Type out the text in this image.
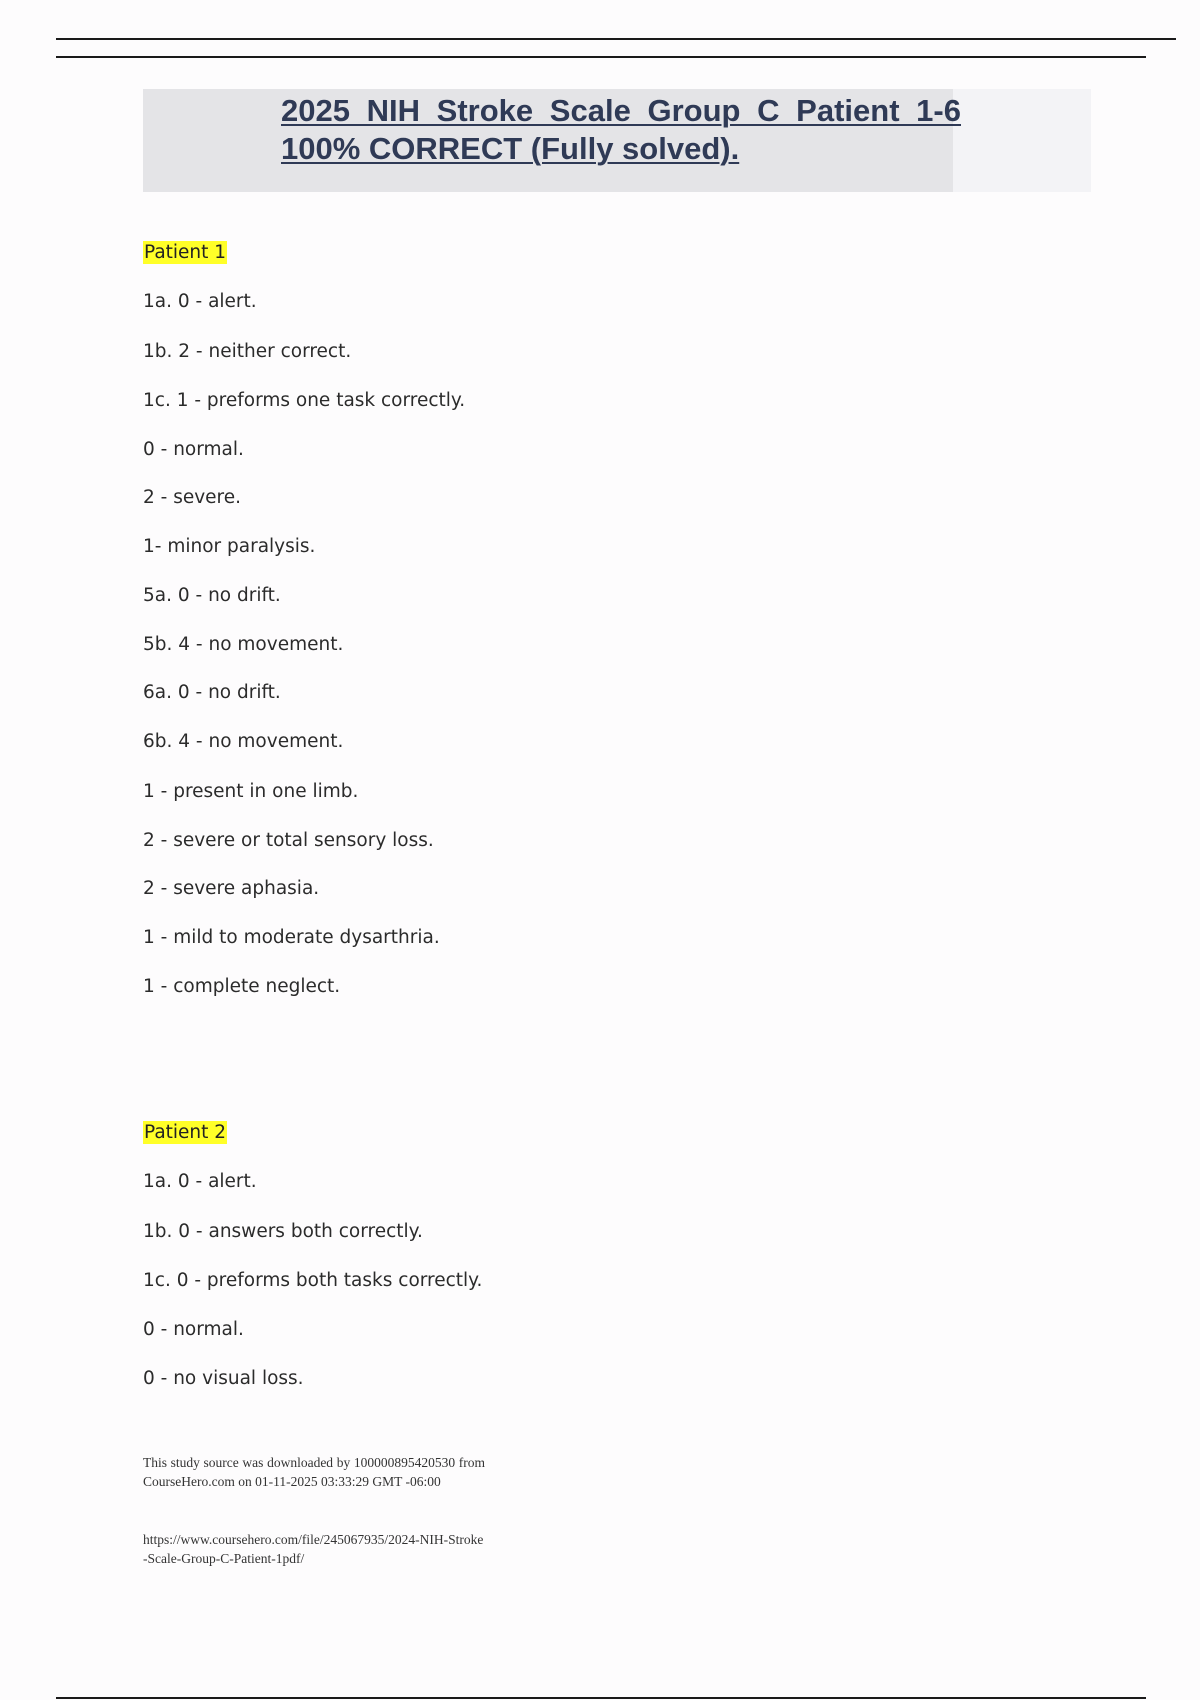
2025 NIH Stroke Scale Group C Patient 1-6
100% CORRECT (Fully solved).
Patient 1
1a. 0 - alert.
1b. 2 - neither correct.
1c. 1 - preforms one task correctly.
0 - normal.
2 - severe.
1- minor paralysis.
5a. 0 - no drift.
5b. 4 - no movement.
6a. 0 - no drift.
6b. 4 - no movement.
1 - present in one limb.
2 - severe or total sensory loss.
2 - severe aphasia.
1 - mild to moderate dysarthria.
1 - complete neglect.
Patient 2
1a. 0 - alert.
1b. 0 - answers both correctly.
1c. 0 - preforms both tasks correctly.
0 - normal.
0 - no visual loss.
This study source was downloaded by 100000895420530 from CourseHero.com on 01-11-2025 03:33:29 GMT -06:00
https://www.coursehero.com/file/245067935/2024-NIH-Stroke-Scale-Group-C-Patient-1pdf/
